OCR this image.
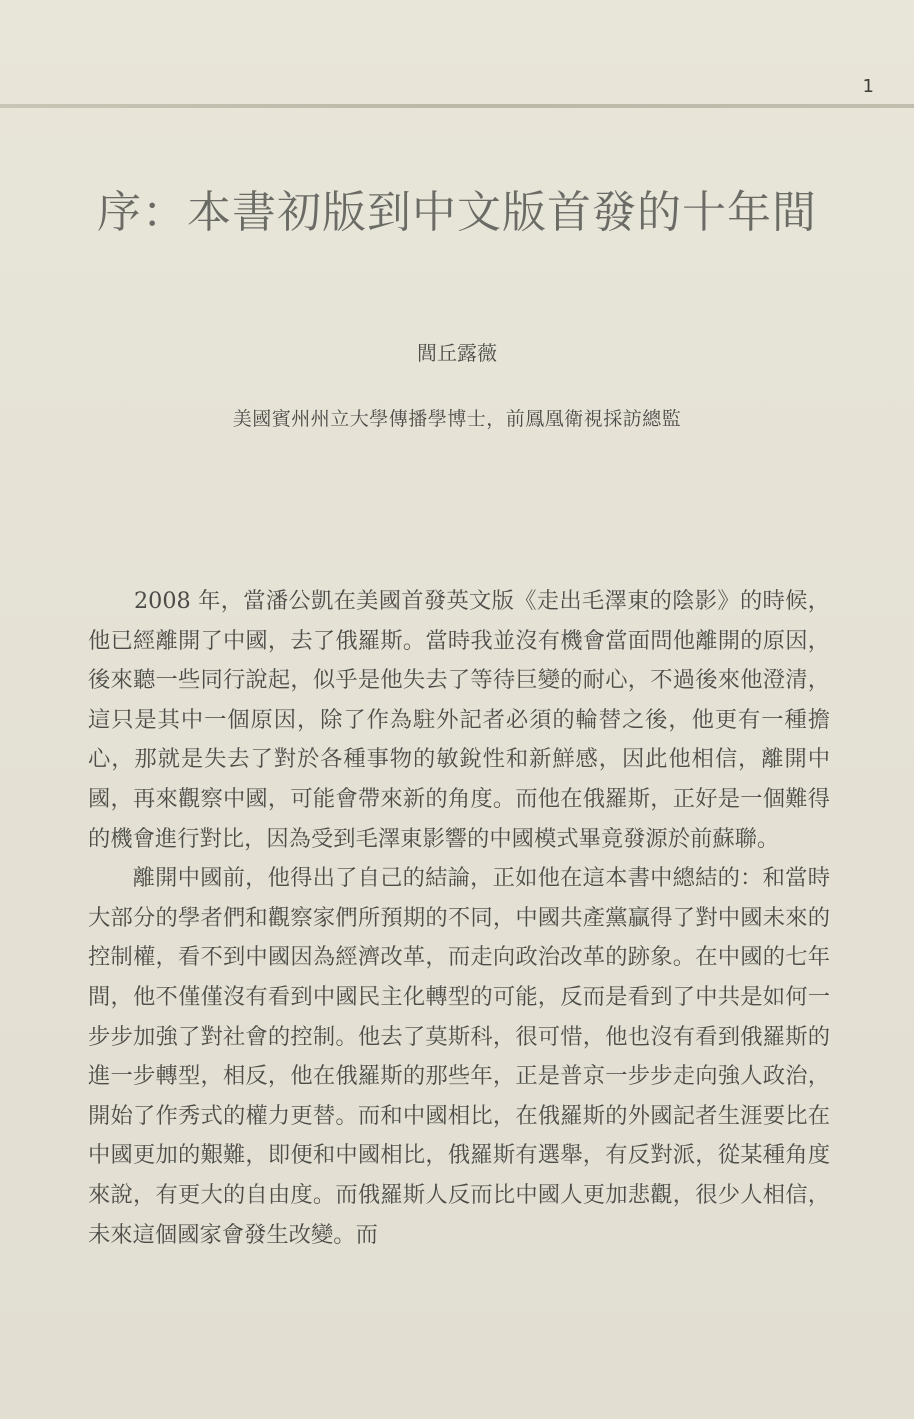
1
序：本書初版到中文版首發的十年間
閭丘露薇
美國賓州州立大學傳播學博士，前鳳凰衛視採訪總監

2008 年，當潘公凱在美國首發英文版《走出毛澤東的陰影》的時候，他已經離開了中國，去了俄羅斯。當時我並沒有機會當面問他離開的原因，後來聽一些同行說起，似乎是他失去了等待巨變的耐心，不過後來他澄清，這只是其中一個原因，除了作為駐外記者必須的輪替之後，他更有一種擔心，那就是失去了對於各種事物的敏銳性和新鮮感，因此他相信，離開中國，再來觀察中國，可能會帶來新的角度。而他在俄羅斯，正好是一個難得的機會進行對比，因為受到毛澤東影響的中國模式畢竟發源於前蘇聯。

離開中國前，他得出了自己的結論，正如他在這本書中總結的：和當時大部分的學者們和觀察家們所預期的不同，中國共產黨贏得了對中國未來的控制權，看不到中國因為經濟改革，而走向政治改革的跡象。在中國的七年間，他不僅僅沒有看到中國民主化轉型的可能，反而是看到了中共是如何一步步加強了對社會的控制。他去了莫斯科，很可惜，他也沒有看到俄羅斯的進一步轉型，相反，他在俄羅斯的那些年，正是普京一步步走向強人政治，開始了作秀式的權力更替。而和中國相比，在俄羅斯的外國記者生涯要比在中國更加的艱難，即便和中國相比，俄羅斯有選舉，有反對派，從某種角度來說，有更大的自由度。而俄羅斯人反而比中國人更加悲觀，很少人相信，未來這個國家會發生改變。而
